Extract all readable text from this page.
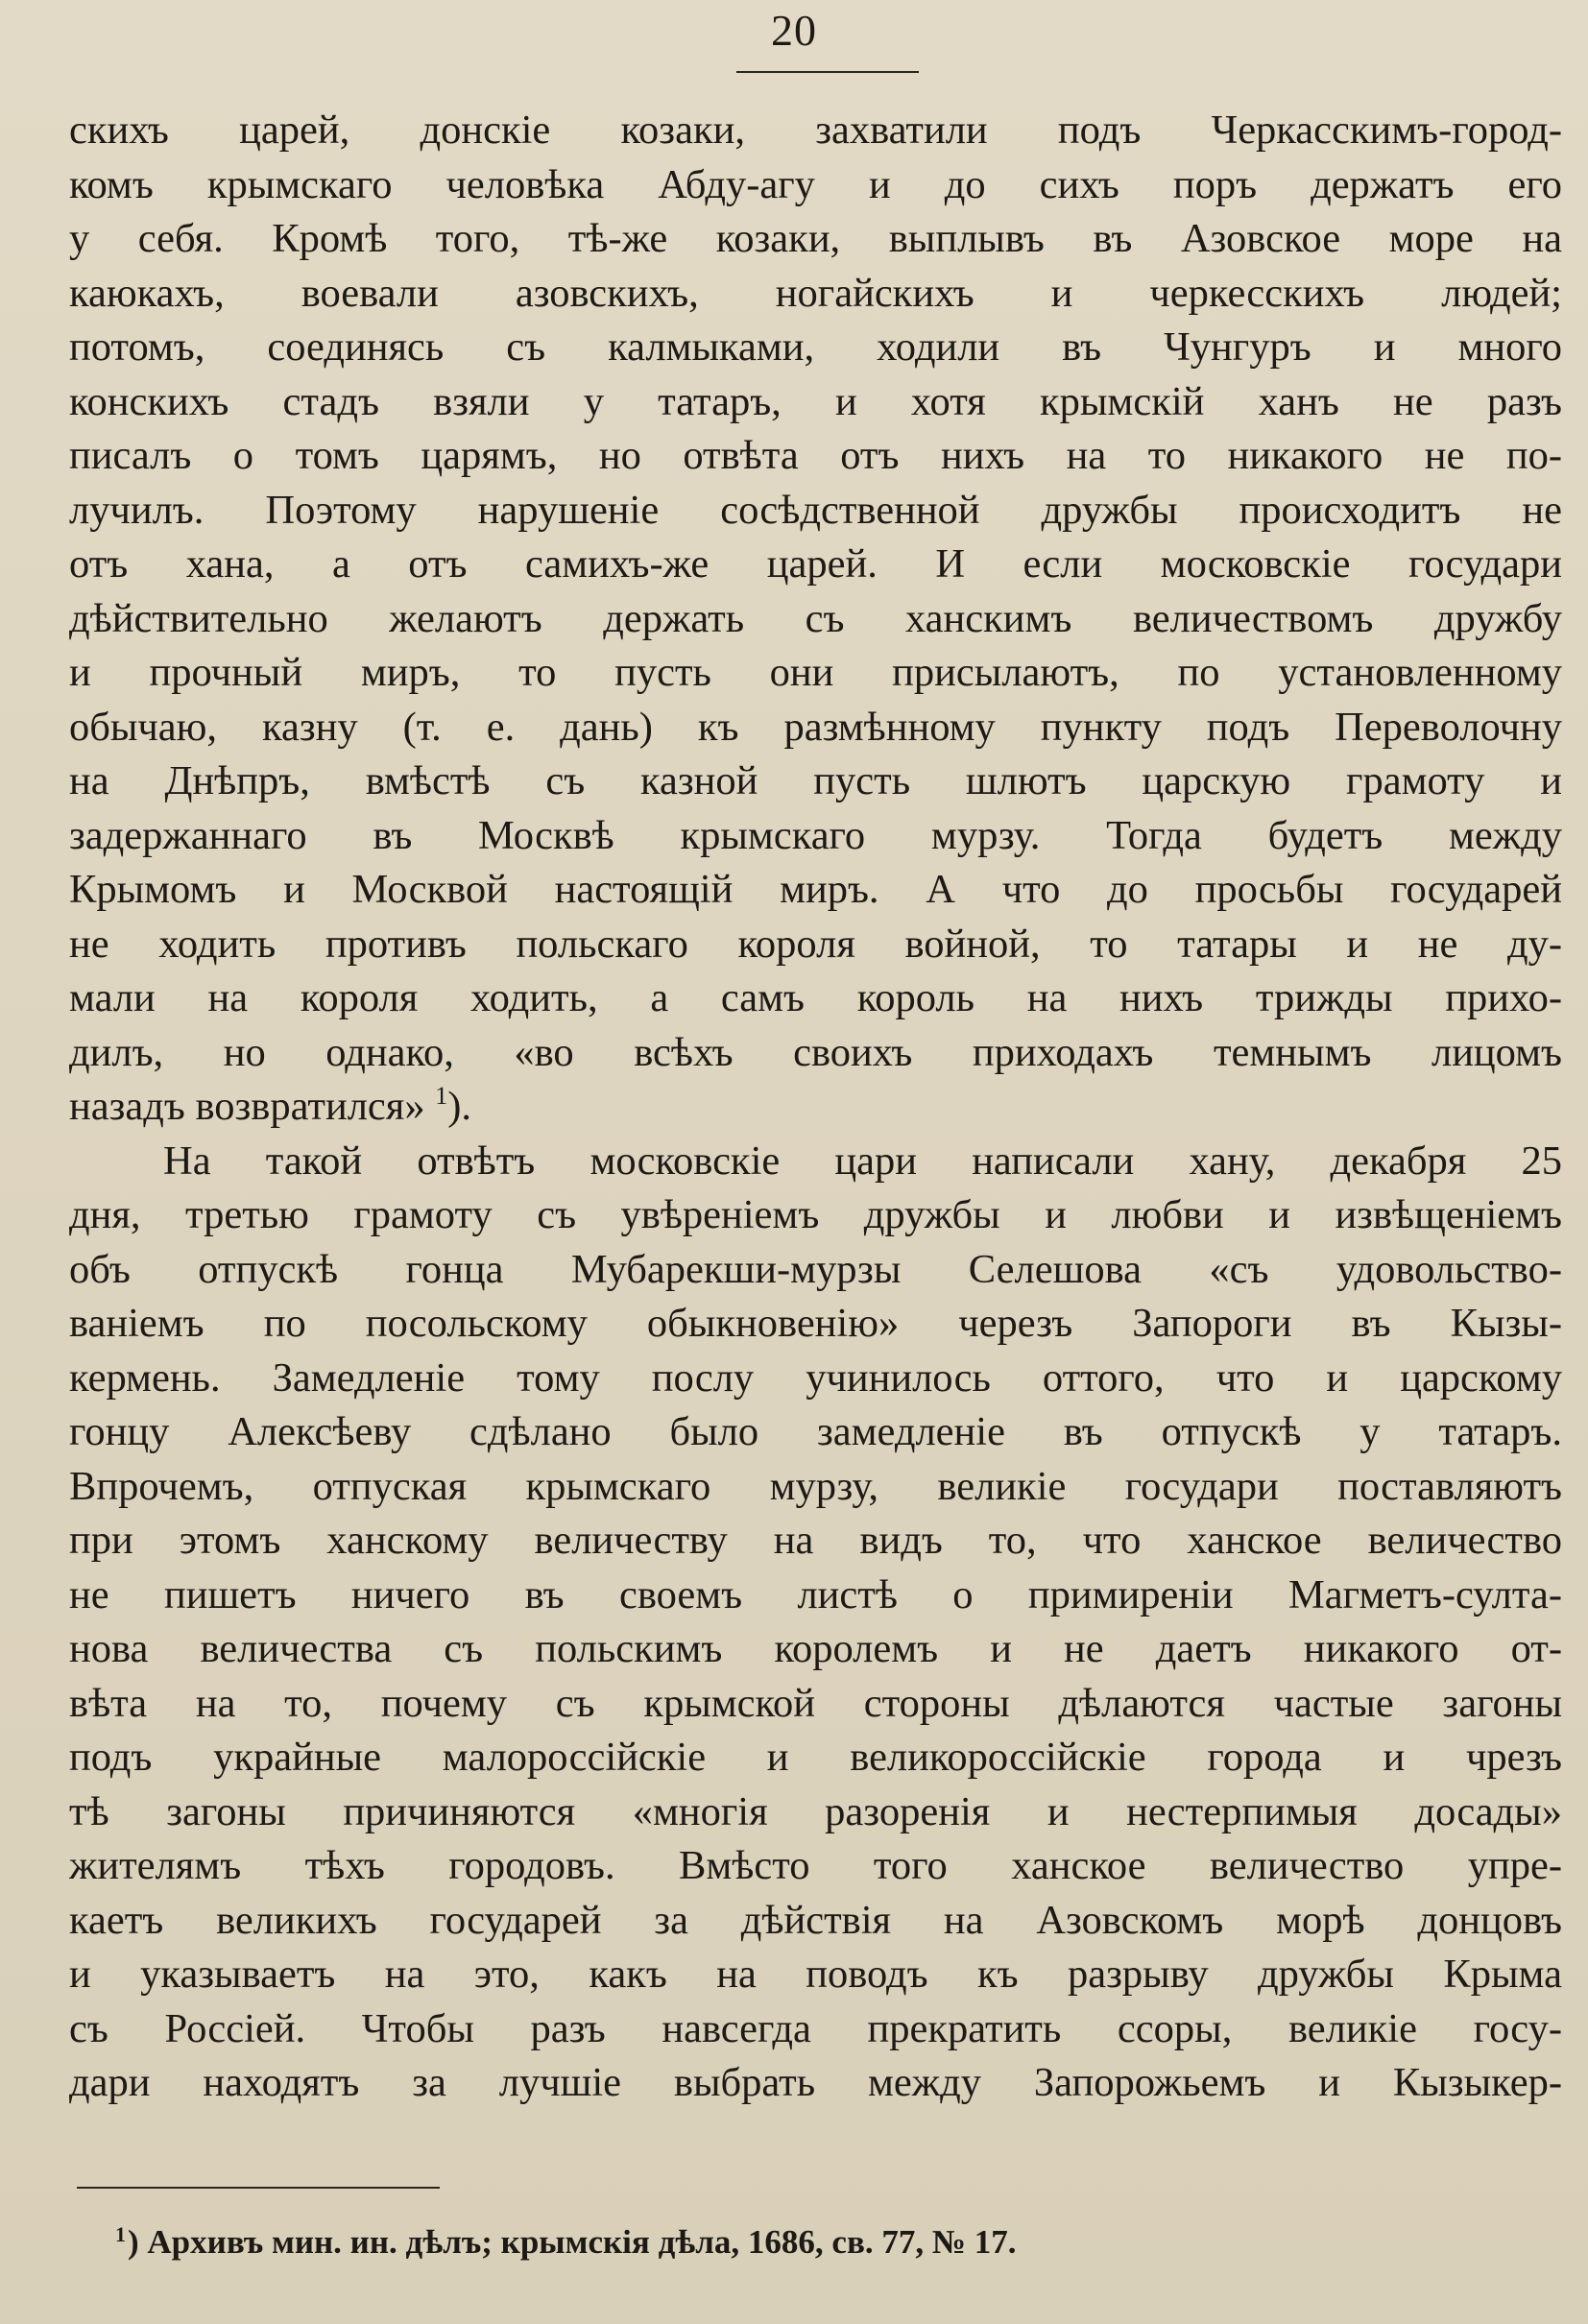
20
скихъ царей, донскіе козаки, захватили подъ Черкасскимъ-город-
комъ крымскаго человѣка Абду-агу и до сихъ поръ держатъ его
у себя. Кромѣ того, тѣ-же козаки, выплывъ въ Азовское море на
каюкахъ, воевали азовскихъ, ногайскихъ и черкесскихъ людей;
потомъ, соединясь съ калмыками, ходили въ Чунгуръ и много
конскихъ стадъ взяли у татаръ, и хотя крымскій ханъ не разъ
писалъ о томъ царямъ, но отвѣта отъ нихъ на то никакого не по-
лучилъ. Поэтому нарушеніе сосѣдственной дружбы происходитъ не
отъ хана, а отъ самихъ-же царей. И если московскіе государи
дѣйствительно желаютъ держать съ ханскимъ величествомъ дружбу
и прочный миръ, то пусть они присылаютъ, по установленному
обычаю, казну (т. е. дань) къ размѣнному пункту подъ Переволочну
на Днѣпръ, вмѣстѣ съ казной пусть шлютъ царскую грамоту и
задержаннаго въ Москвѣ крымскаго мурзу. Тогда будетъ между
Крымомъ и Москвой настоящій миръ. А что до просьбы государей
не ходить противъ польскаго короля войной, то татары и не ду-
мали на короля ходить, а самъ король на нихъ трижды прихо-
дилъ, но однако, «во всѣхъ своихъ приходахъ темнымъ лицомъ
назадъ возвратился» $^1$).
На такой отвѣтъ московскіе цари написали хану, декабря 25
дня, третью грамоту съ увѣреніемъ дружбы и любви и извѣщеніемъ
объ отпускѣ гонца Мубарекши-мурзы Селешова «съ удовольство-
ваніемъ по посольскому обыкновенію» черезъ Запороги въ Кызы-
кермень. Замедленіе тому послу учинилось оттого, что и царскому
гонцу Алексѣеву сдѣлано было замедленіе въ отпускѣ у татаръ.
Впрочемъ, отпуская крымскаго мурзу, великіе государи поставляютъ
при этомъ ханскому величеству на видъ то, что ханское величество
не пишетъ ничего въ своемъ листѣ о примиреніи Магметъ-султа-
нова величества съ польскимъ королемъ и не даетъ никакого от-
вѣта на то, почему съ крымской стороны дѣлаются частые загоны
подъ украйные малороссійскіе и великороссійскіе города и чрезъ
тѣ загоны причиняются «многія разоренія и нестерпимыя досады»
жителямъ тѣхъ городовъ. Вмѣсто того ханское величество упре-
каетъ великихъ государей за дѣйствія на Азовскомъ морѣ донцовъ
и указываетъ на это, какъ на поводъ къ разрыву дружбы Крыма
съ Россіей. Чтобы разъ навсегда прекратить ссоры, великіе госу-
дари находятъ за лучшіе выбрать между Запорожьемъ и Кызыкер-
$^1$) Архивъ мин. ин. дѣлъ; крымскія дѣла, 1686, св. 77, № 17.
